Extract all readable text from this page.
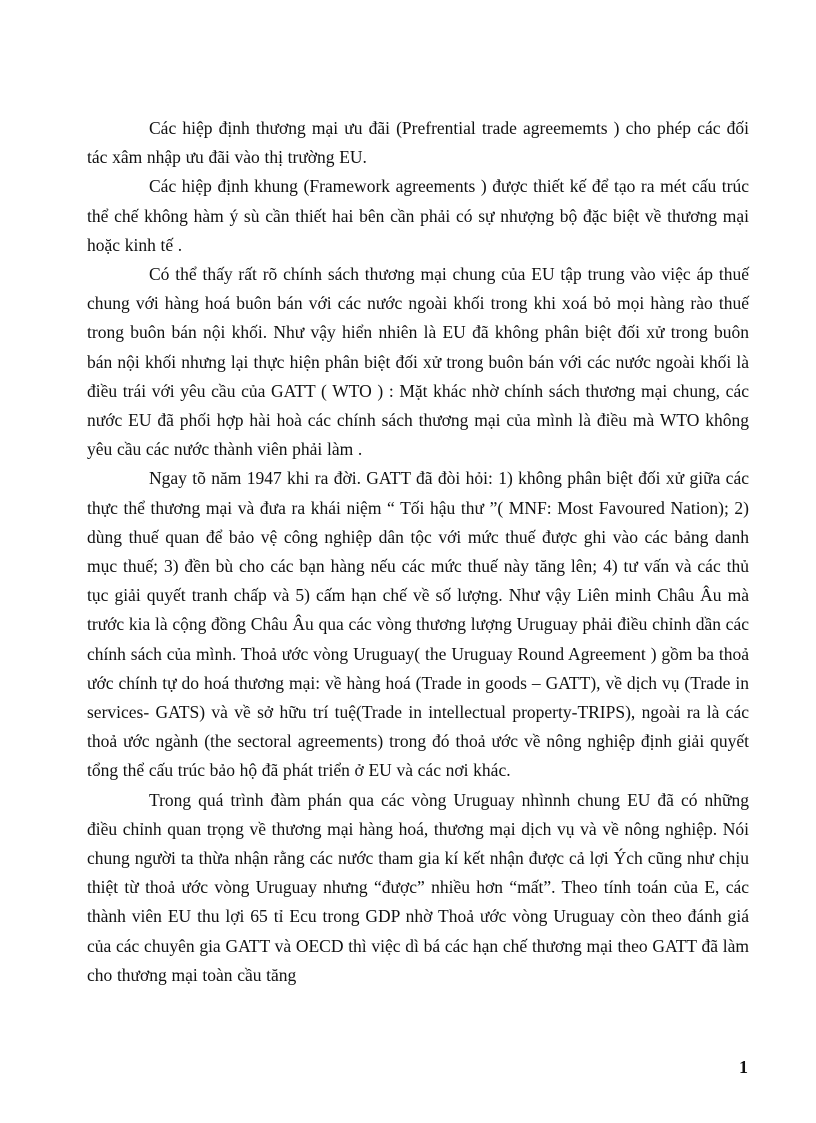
Các hiệp định thương mại ưu đãi (Prefrential trade agreememts ) cho phép các đối tác xâm nhập ưu đãi vào thị trường EU.

Các hiệp định khung (Framework agreements ) được thiết kế để tạo ra mét cấu trúc thể chế không hàm ý sù cần thiết hai bên cần phải có sự nhượng bộ đặc biệt về thương mại hoặc kinh tế .

Có thể thấy rất rõ chính sách thương mại chung của EU tập trung vào việc áp thuế chung với hàng hoá buôn bán với các nước ngoài khối trong khi xoá bỏ mọi hàng rào thuế trong buôn bán nội khối. Như vậy hiển nhiên là EU đã không phân biệt đối xử trong buôn bán nội khối nhưng lại thực hiện phân biệt đối xử trong buôn bán với các nước ngoài khối là điều trái với yêu cầu của GATT ( WTO ) : Mặt khác nhờ chính sách thương mại chung, các nước EU đã phối hợp hài hoà các chính sách thương mại của mình là điều mà WTO không yêu cầu các nước thành viên phải làm .

Ngay tõ năm 1947 khi ra đời. GATT đã đòi hỏi: 1) không phân biệt đối xử giữa các thực thể thương mại và đưa ra khái niệm “ Tối hậu thư ”( MNF: Most Favoured Nation); 2) dùng thuế quan để bảo vệ công nghiệp dân tộc với mức thuế được ghi vào các bảng danh mục thuế; 3) đền bù cho các bạn hàng nếu các mức thuế này tăng lên; 4) tư vấn và các thủ tục giải quyết tranh chấp và 5) cấm hạn chế về số lượng. Như vậy Liên minh Châu Âu mà trước kia là cộng đồng Châu Âu qua các vòng thương lượng Uruguay phải điều chỉnh dần các chính sách của mình. Thoả ước vòng Uruguay( the Uruguay Round Agreement ) gồm ba thoả ước chính tự do hoá thương mại: về hàng hoá (Trade in goods – GATT), về dịch vụ (Trade in services- GATS) và về sở hữu trí tuệ(Trade in intellectual property-TRIPS), ngoài ra là các thoả ước ngành (the sectoral agreements) trong đó thoả ước về nông nghiệp định giải quyết tổng thể cấu trúc bảo hộ đã phát triển ở EU và các nơi khác.

Trong quá trình đàm phán qua các vòng Uruguay nhìnnh chung EU đã có những điều chỉnh quan trọng về thương mại hàng hoá, thương mại dịch vụ và về nông nghiệp. Nói chung người ta thừa nhận rằng các nước tham gia kí kết nhận được cả lợi Ých cũng như chịu thiệt từ thoả ước vòng Uruguay nhưng “được” nhiều hơn “mất”. Theo tính toán của E, các thành viên EU thu lợi 65 tỉ Ecu trong GDP nhờ Thoả ước vòng Uruguay còn theo đánh giá của các chuyên gia GATT và OECD thì việc dì bá các hạn chế thương mại theo GATT đã làm cho thương mại toàn cầu tăng

1
